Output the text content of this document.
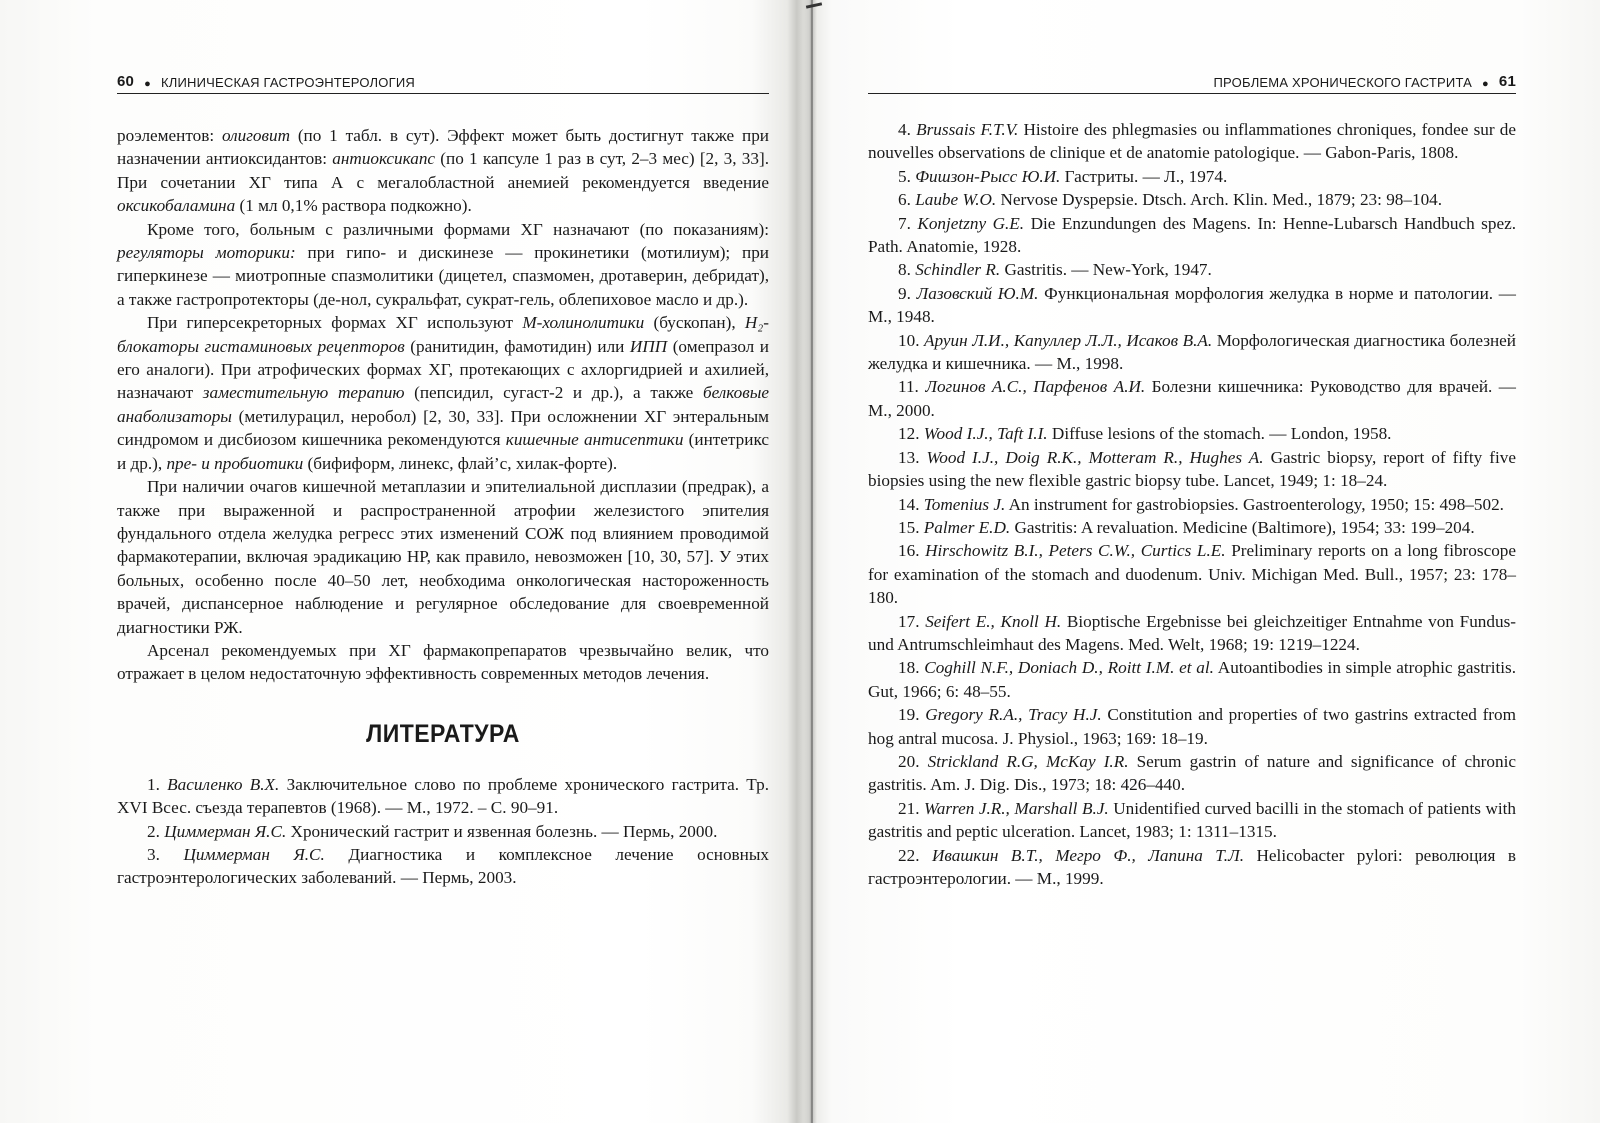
60 ● КЛИНИЧЕСКАЯ ГАСТРОЭНТЕРОЛОГИЯ

роэлементов: олиговит (по 1 табл. в сут). Эффект может быть достигнут также при назначении антиоксидантов: антиоксикапс (по 1 капсуле 1 раз в сут, 2–3 мес) [2, 3, 33]. При сочетании ХГ типа А с мегалобластной анемией рекомендуется введение оксикобаламина (1 мл 0,1% раствора подкожно).

Кроме того, больным с различными формами ХГ назначают (по показаниям): регуляторы моторики: при гипо- и дискинезе — прокинетики (мотилиум); при гиперкинезе — миотропные спазмолитики (дицетел, спазмомен, дротаверин, дебридат), а также гастропротекторы (де-нол, сукральфат, сукрат-гель, облепиховое масло и др.).

При гиперсекреторных формах ХГ используют М-холинолитики (бускопан), Н₂-блокаторы гистаминовых рецепторов (ранитидин, фамотидин) или ИПП (омепразол и его аналоги). При атрофических формах ХГ, протекающих с ахлоргидрией и ахилией, назначают заместительную терапию (пепсидил, сугаст-2 и др.), а также белковые анаболизаторы (метилурацил, неробол) [2, 30, 33]. При осложнении ХГ энтеральным синдромом и дисбиозом кишечника рекомендуются кишечные антисептики (интетрикс и др.), пре- и пробиотики (бифиформ, линекс, флай’с, хилак-форте).

При наличии очагов кишечной метаплазии и эпителиальной дисплазии (предрак), а также при выраженной и распространенной атрофии железистого эпителия фундального отдела желудка регресс этих изменений СОЖ под влиянием проводимой фармакотерапии, включая эрадикацию НР, как правило, невозможен [10, 30, 57]. У этих больных, особенно после 40–50 лет, необходима онкологическая настороженность врачей, диспансерное наблюдение и регулярное обследование для своевременной диагностики РЖ.

Арсенал рекомендуемых при ХГ фармакопрепаратов чрезвычайно велик, что отражает в целом недостаточную эффективность современных методов лечения.

ЛИТЕРАТУРА

1. Василенко В.Х. Заключительное слово по проблеме хронического гастрита. Тр. XVI Всес. съезда терапевтов (1968). — М., 1972. – С. 90–91.

2. Циммерман Я.С. Хронический гастрит и язвенная болезнь. — Пермь, 2000.

3. Циммерман Я.С. Диагностика и комплексное лечение основных гастроэнтерологических заболеваний. — Пермь, 2003.

ПРОБЛЕМА ХРОНИЧЕСКОГО ГАСТРИТА ● 61

4. Brussais F.T.V. Histoire des phlegmasies ou inflammationes chroniques, fondee sur de nouvelles observations de clinique et de anatomie patologique. — Gabon-Paris, 1808.

5. Фишзон-Рысс Ю.И. Гастриты. — Л., 1974.

6. Laube W.O. Nervose Dyspepsie. Dtsch. Arch. Klin. Med., 1879; 23: 98–104.

7. Konjetzny G.E. Die Enzundungen des Magens. In: Henne-Lubarsch Handbuch spez. Path. Anatomie, 1928.

8. Schindler R. Gastritis. — New-York, 1947.

9. Лазовский Ю.М. Функциональная морфология желудка в норме и патологии. — М., 1948.

10. Аруин Л.И., Капуллер Л.Л., Исаков В.А. Морфологическая диагностика болезней желудка и кишечника. — М., 1998.

11. Логинов А.С., Парфенов А.И. Болезни кишечника: Руководство для врачей. — М., 2000.

12. Wood I.J., Taft I.I. Diffuse lesions of the stomach. — London, 1958.

13. Wood I.J., Doig R.K., Motteram R., Hughes A. Gastric biopsy, report of fifty five biopsies using the new flexible gastric biopsy tube. Lancet, 1949; 1: 18–24.

14. Tomenius J. An instrument for gastrobiopsies. Gastroenterology, 1950; 15: 498–502.

15. Palmer E.D. Gastritis: A revaluation. Medicine (Baltimore), 1954; 33: 199–204.

16. Hirschowitz B.I., Peters C.W., Curtics L.E. Preliminary reports on a long fibroscope for examination of the stomach and duodenum. Univ. Michigan Med. Bull., 1957; 23: 178–180.

17. Seifert E., Knoll H. Bioptische Ergebnisse bei gleichzeitiger Entnahme von Fundus- und Antrumschleimhaut des Magens. Med. Welt, 1968; 19: 1219–1224.

18. Coghill N.F., Doniach D., Roitt I.M. et al. Autoantibodies in simple atrophic gastritis. Gut, 1966; 6: 48–55.

19. Gregory R.A., Tracy H.J. Constitution and properties of two gastrins extracted from hog antral mucosa. J. Physiol., 1963; 169: 18–19.

20. Strickland R.G, McKay I.R. Serum gastrin of nature and significance of chronic gastritis. Am. J. Dig. Dis., 1973; 18: 426–440.

21. Warren J.R., Marshall B.J. Unidentified curved bacilli in the stomach of patients with gastritis and peptic ulceration. Lancet, 1983; 1: 1311–1315.

22. Ивашкин В.Т., Мегро Ф., Лапина Т.Л. Helicobacter pylori: революция в гастроэнтерологии. — М., 1999.
